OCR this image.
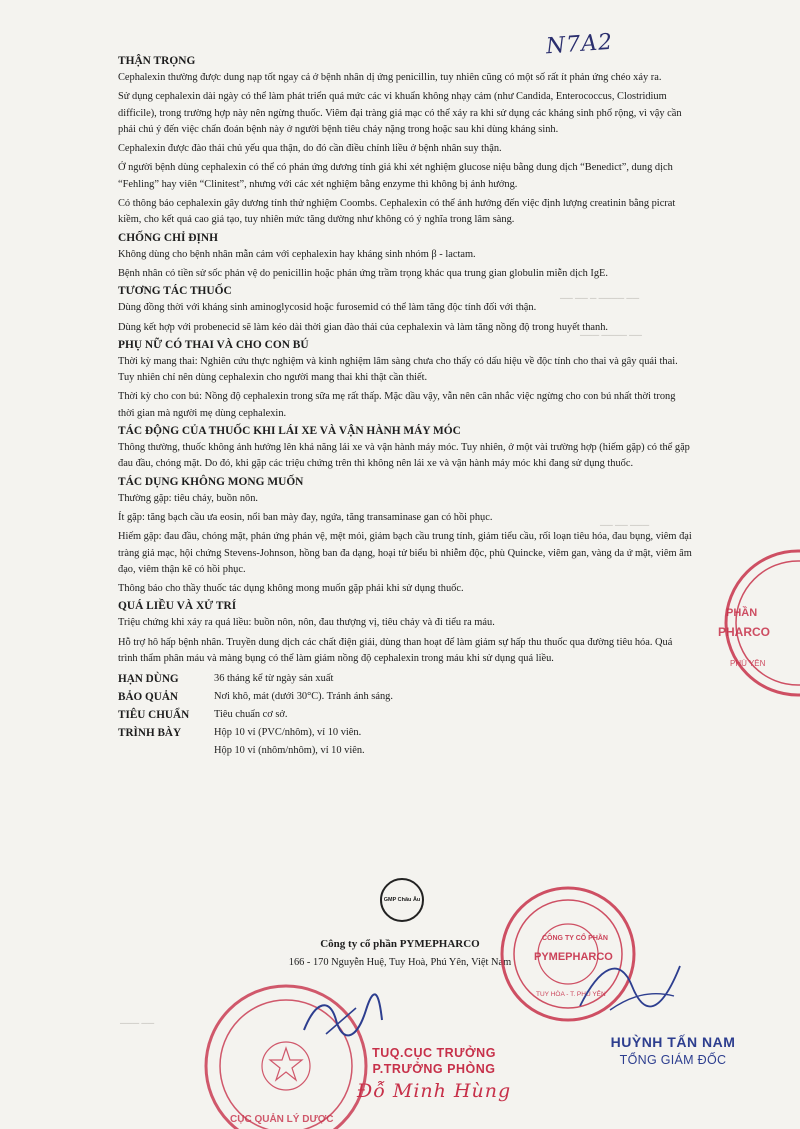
N7A2
── ── ─ ──── ──
─── ──── ──
── ── ───
─── ──
THẬN TRỌNG

Cephalexin thường được dung nạp tốt ngay cả ở bệnh nhân dị ứng penicillin, tuy nhiên cũng có một số rất ít phản ứng chéo xảy ra.

Sử dụng cephalexin dài ngày có thể làm phát triển quá mức các vi khuẩn không nhạy cảm (như Candida, Enterococcus, Clostridium difficile), trong trường hợp này nên ngừng thuốc. Viêm đại tràng giả mạc có thể xảy ra khi sử dụng các kháng sinh phổ rộng, vì vậy cần phải chú ý đến việc chẩn đoán bệnh này ở người bệnh tiêu chảy nặng trong hoặc sau khi dùng kháng sinh.

Cephalexin được đào thải chủ yếu qua thận, do đó cần điều chỉnh liều ở bệnh nhân suy thận.

Ở người bệnh dùng cephalexin có thể có phản ứng dương tính giả khi xét nghiệm glucose niệu bằng dung dịch “Benedict”, dung dịch “Fehling” hay viên “Clinitest”, nhưng với các xét nghiệm bằng enzyme thì không bị ảnh hưởng.

Có thông báo cephalexin gây dương tính thử nghiệm Coombs. Cephalexin có thể ảnh hưởng đến việc định lượng creatinin bằng picrat kiềm, cho kết quả cao giả tạo, tuy nhiên mức tăng dường như không có ý nghĩa trong lâm sàng.

CHỐNG CHỈ ĐỊNH

Không dùng cho bệnh nhân mẫn cảm với cephalexin hay kháng sinh nhóm β - lactam.

Bệnh nhân có tiền sử sốc phản vệ do penicillin hoặc phản ứng trầm trọng khác qua trung gian globulin miễn dịch IgE.

TƯƠNG TÁC THUỐC

Dùng đồng thời với kháng sinh aminoglycosid hoặc furosemid có thể làm tăng độc tính đối với thận.

Dùng kết hợp với probenecid sẽ làm kéo dài thời gian đào thải của cephalexin và làm tăng nồng độ trong huyết thanh.

PHỤ NỮ CÓ THAI VÀ CHO CON BÚ

Thời kỳ mang thai: Nghiên cứu thực nghiệm và kinh nghiệm lâm sàng chưa cho thấy có dấu hiệu về độc tính cho thai và gây quái thai. Tuy nhiên chỉ nên dùng cephalexin cho người mang thai khi thật cần thiết.

Thời kỳ cho con bú: Nồng độ cephalexin trong sữa mẹ rất thấp. Mặc dầu vậy, vẫn nên cân nhắc việc ngừng cho con bú nhất thời trong thời gian mà người mẹ dùng cephalexin.

TÁC ĐỘNG CỦA THUỐC KHI LÁI XE VÀ VẬN HÀNH MÁY MÓC

Thông thường, thuốc không ảnh hưởng lên khả năng lái xe và vận hành máy móc. Tuy nhiên, ở một vài trường hợp (hiếm gặp) có thể gặp đau đầu, chóng mặt. Do đó, khi gặp các triệu chứng trên thì không nên lái xe và vận hành máy móc khi đang sử dụng thuốc.

TÁC DỤNG KHÔNG MONG MUỐN

Thường gặp: tiêu chảy, buồn nôn.

Ít gặp: tăng bạch cầu ưa eosin, nổi ban mày đay, ngứa, tăng transaminase gan có hồi phục.

Hiếm gặp: đau đầu, chóng mặt, phản ứng phản vệ, mệt mỏi, giảm bạch cầu trung tính, giảm tiểu cầu, rối loạn tiêu hóa, đau bụng, viêm đại tràng giả mạc, hội chứng Stevens-Johnson, hồng ban đa dạng, hoại tử biểu bì nhiễm độc, phù Quincke, viêm gan, vàng da ứ mật, viêm âm đạo, viêm thận kẽ có hồi phục.

Thông báo cho thầy thuốc tác dụng không mong muốn gặp phải khi sử dụng thuốc.

QUÁ LIỀU VÀ XỬ TRÍ

Triệu chứng khi xảy ra quá liều: buồn nôn, nôn, đau thượng vị, tiêu chảy và đi tiểu ra máu.

Hỗ trợ hô hấp bệnh nhân. Truyền dung dịch các chất điện giải, dùng than hoạt để làm giảm sự hấp thu thuốc qua đường tiêu hóa. Quá trình thẩm phân máu và màng bụng có thể làm giảm nồng độ cephalexin trong máu khi sử dụng quá liều.

HẠN DÙNG	36 tháng kể từ ngày sản xuất
BẢO QUẢN	Nơi khô, mát (dưới 30°C). Tránh ánh sáng.
TIÊU CHUẨN	Tiêu chuẩn cơ sở.
TRÌNH BÀY	Hộp 10 vỉ (PVC/nhôm), vỉ 10 viên.
Hộp 10 vỉ (nhôm/nhôm), vỉ 10 viên.
GMP Châu Âu
Công ty cổ phần PYMEPHARCO
166 - 170 Nguyễn Huệ, Tuy Hoà, Phú Yên, Việt Nam
PHẦN
PHARCO
PHÚ YÊN
CÔNG TY CỔ PHẦN
PYMEPHARCO
TUY HÒA - T. PHÚ YÊN
CỤC QUẢN LÝ DƯỢC
TUQ.CỤC TRƯỞNG
P.TRƯỞNG PHÒNG
Đỗ Minh Hùng
HUỲNH TẤN NAM
TỔNG GIÁM ĐỐC
